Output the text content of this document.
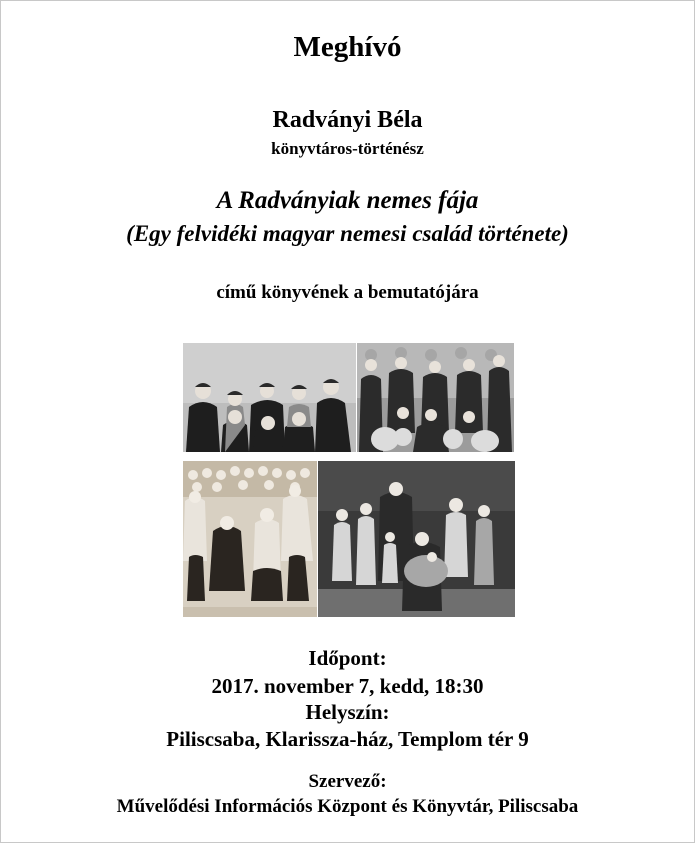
Meghívó
Radványi Béla
könyvtáros-történész
A Radványiak nemes fája
(Egy felvidéki magyar nemesi család története)
című könyvének a bemutatójára
Időpont:
2017. november 7, kedd, 18:30
Helyszín:
Piliscsaba, Klarissza-ház, Templom tér 9
Szervező:
Művelődési Információs Központ és Könyvtár, Piliscsaba
